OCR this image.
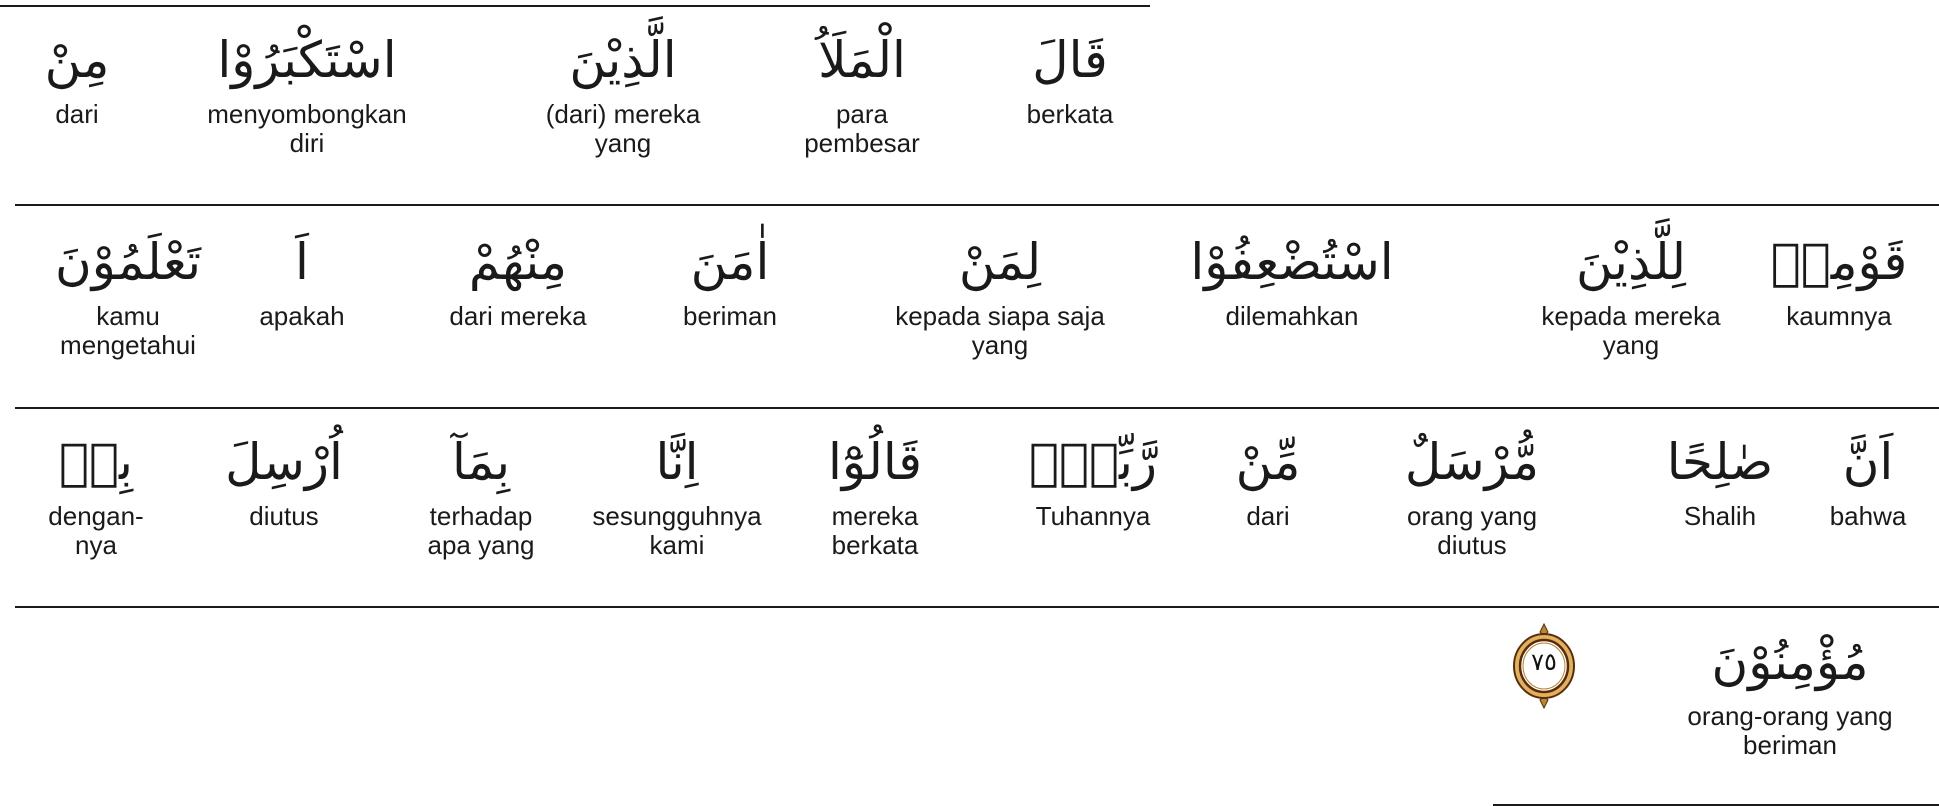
قَالَ
berkata
الْمَلَاُ
para pembesar
الَّذِيْنَ
(dari) mereka yang
اسْتَكْبَرُوْا
menyombongkan diri
مِنْ
dari
قَوْمِهٖ
kaumnya
لِلَّذِيْنَ
kepada mereka yang
اسْتُضْعِفُوْا
dilemahkan
لِمَنْ
kepada siapa saja yang
اٰمَنَ
beriman
مِنْهُمْ
dari mereka
اَ
apakah
تَعْلَمُوْنَ
kamu mengetahui
اَنَّ
bahwa
صٰلِحًا
Shalih
مُّرْسَلٌ
orang yang diutus
مِّنْ
dari
رَّبِّهٖۗ
Tuhannya
قَالُوْٓا
mereka berkata
اِنَّا
sesungguhnya kami
بِمَآ
terhadap apa yang
اُرْسِلَ
diutus
بِهٖ
dengan-nya
مُؤْمِنُوْنَ
orang-orang yang beriman
٧٥
